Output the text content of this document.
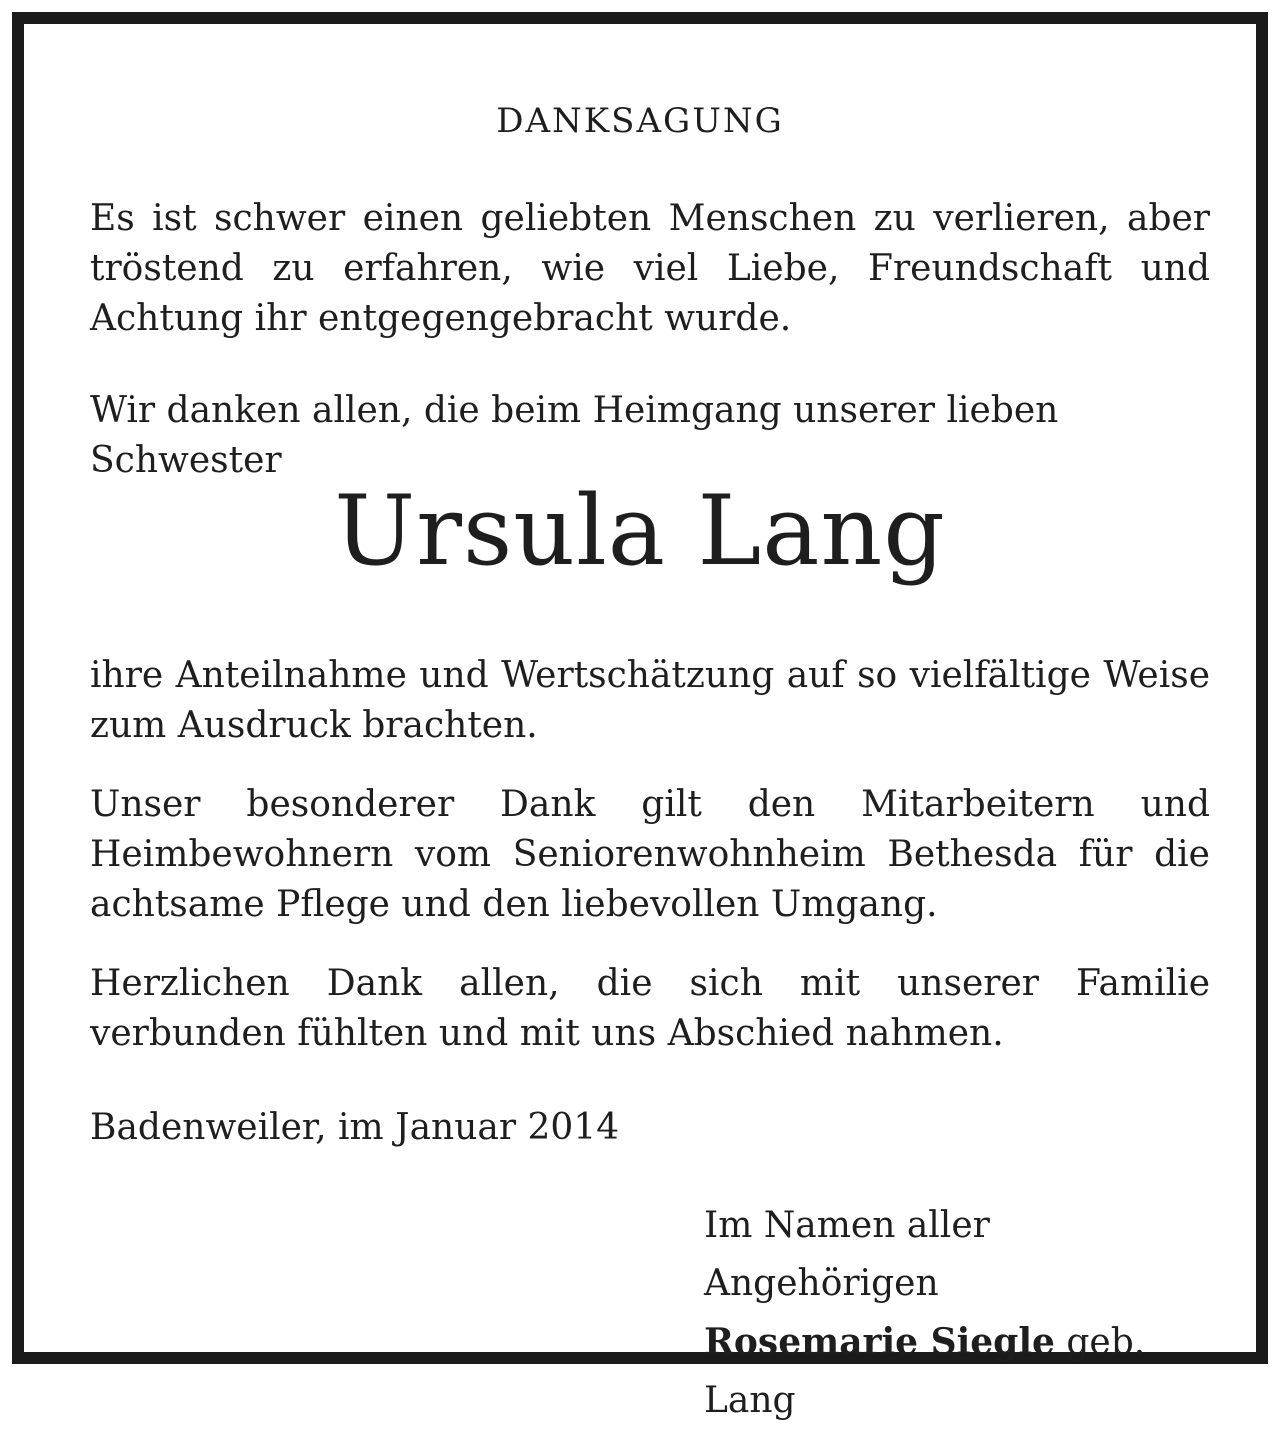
DANKSAGUNG

Es ist schwer einen geliebten Menschen zu verlieren, aber tröstend zu erfahren, wie viel Liebe, Freundschaft und Achtung ihr entgegengebracht wurde.

Wir danken allen, die beim Heimgang unserer lieben Schwester

Ursula Lang

ihre Anteilnahme und Wertschätzung auf so vielfältige Weise zum Ausdruck brachten.

Unser besonderer Dank gilt den Mitarbeitern und Heimbewohnern vom Seniorenwohnheim Bethesda für die achtsame Pflege und den liebevollen Umgang.

Herzlichen Dank allen, die sich mit unserer Familie verbunden fühlten und mit uns Abschied nahmen.

Badenweiler, im Januar 2014

Im Namen aller Angehörigen
Rosemarie Siegle geb. Lang
